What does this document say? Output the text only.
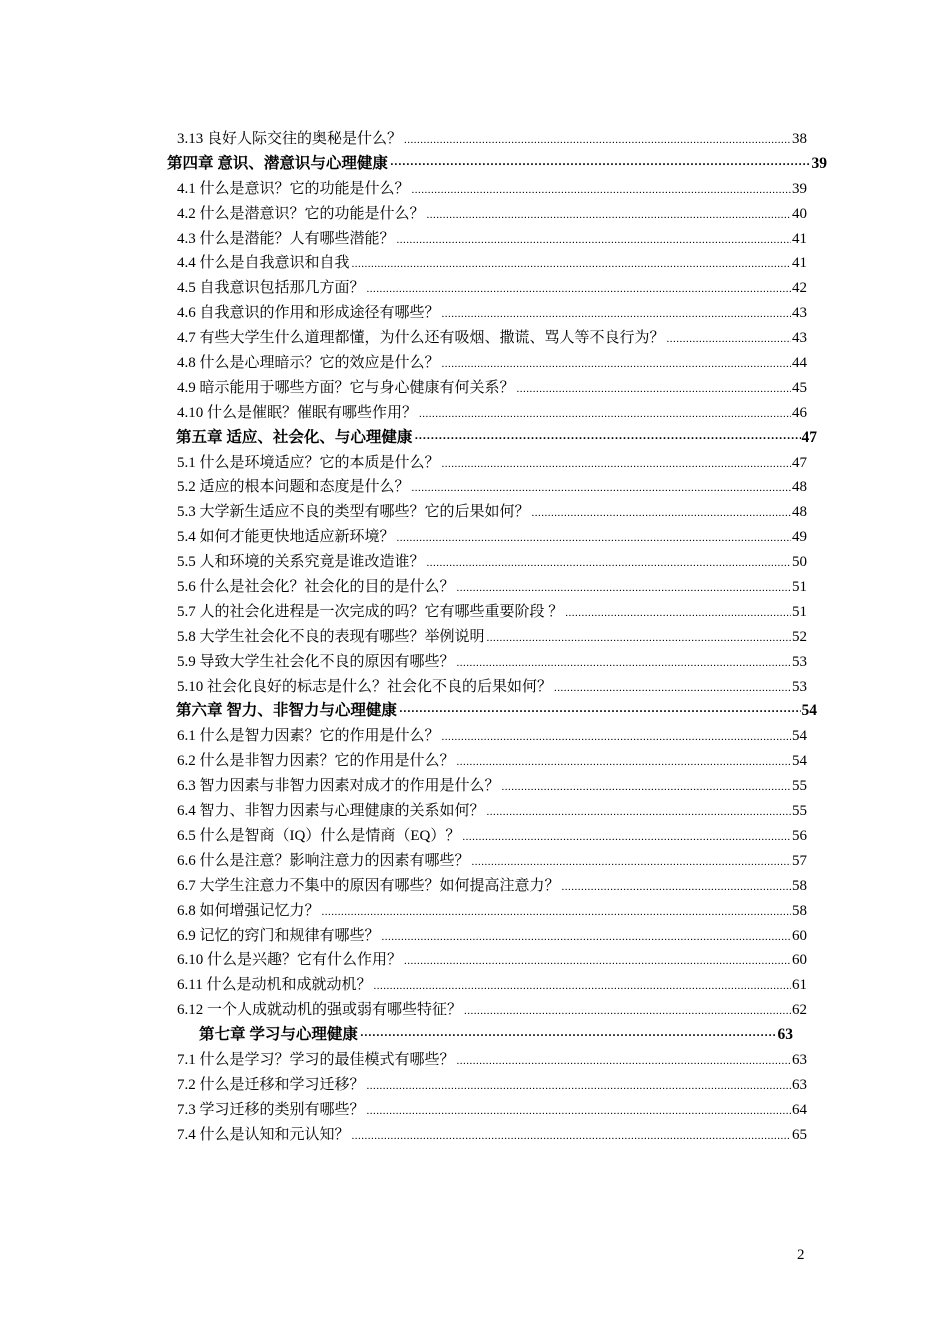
3.13 良好人际交往的奥秘是什么？ .....	38
第四章 意识、潜意识与心理健康 ·····	39
4.1 什么是意识？它的功能是什么？ .....	39
4.2 什么是潜意识？它的功能是什么？ .....	40
4.3 什么是潜能？人有哪些潜能？ .....	41
4.4 什么是自我意识和自我 .....	41
4.5 自我意识包括那几方面？ .....	42
4.6 自我意识的作用和形成途径有哪些？ .....	43
4.7 有些大学生什么道理都懂，为什么还有吸烟、撒谎、骂人等不良行为？ .....	43
4.8 什么是心理暗示？它的效应是什么？ .....	44
4.9 暗示能用于哪些方面？它与身心健康有何关系？ .....	45
4.10 什么是催眠？催眠有哪些作用？ .....	46
第五章 适应、社会化、与心理健康 ·····	47
5.1 什么是环境适应？它的本质是什么？ .....	47
5.2 适应的根本问题和态度是什么？ .....	48
5.3 大学新生适应不良的类型有哪些？它的后果如何？ .....	48
5.4 如何才能更快地适应新环境？ .....	49
5.5 人和环境的关系究竟是谁改造谁？ .....	50
5.6 什么是社会化？社会化的目的是什么？ .....	51
5.7 人的社会化进程是一次完成的吗？它有哪些重要阶段 ？ .....	51
5.8 大学生社会化不良的表现有哪些？举例说明 .....	52
5.9 导致大学生社会化不良的原因有哪些？ .....	53
5.10 社会化良好的标志是什么？社会化不良的后果如何？ .....	53
第六章 智力、非智力与心理健康 ·····	54
6.1 什么是智力因素？它的作用是什么？ .....	54
6.2 什么是非智力因素？它的作用是什么？ .....	54
6.3 智力因素与非智力因素对成才的作用是什么？ .....	55
6.4 智力、非智力因素与心理健康的关系如何？ .....	55
6.5 什么是智商（IQ）什么是情商（EQ）？ .....	56
6.6 什么是注意？影响注意力的因素有哪些？ .....	57
6.7 大学生注意力不集中的原因有哪些？如何提高注意力？ .....	58
6.8 如何增强记忆力？ .....	58
6.9 记忆的窍门和规律有哪些？ .....	60
6.10 什么是兴趣？它有什么作用？ .....	60
6.11 什么是动机和成就动机？ .....	61
6.12 一个人成就动机的强或弱有哪些特征？ .....	62
第七章 学习与心理健康 ·····	63
7.1 什么是学习？学习的最佳模式有哪些？ .....	63
7.2 什么是迁移和学习迁移？ .....	63
7.3 学习迁移的类别有哪些？ .....	64
7.4 什么是认知和元认知？ .....	65
2
